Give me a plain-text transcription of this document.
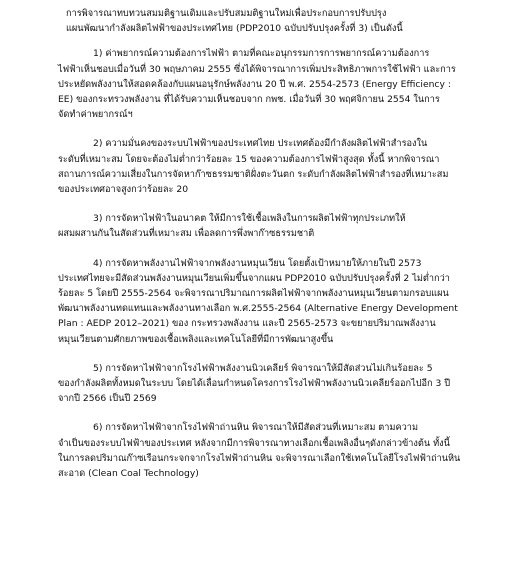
การพิจารณาทบทวนสมมติฐานเดิมและปรับสมมติฐานใหม่เพื่อประกอบการปรับปรุง
แผนพัฒนากำลังผลิตไฟฟ้าของประเทศไทย (PDP2010 ฉบับปรับปรุงครั้งที่ 3) เป็นดังนี้

1) ค่าพยากรณ์ความต้องการไฟฟ้า ตามที่คณะอนุกรรมการการพยากรณ์ความต้องการ
ไฟฟ้าเห็นชอบเมื่อวันที่ 30 พฤษภาคม 2555 ซึ่งได้พิจารณาการเพิ่มประสิทธิภาพการใช้ไฟฟ้า และการ
ประหยัดพลังงานให้สอดคล้องกับแผนอนุรักษ์พลังงาน 20 ปี พ.ศ. 2554-2573 (Energy Efficiency :
EE) ของกระทรวงพลังงาน ที่ได้รับความเห็นชอบจาก กพช. เมื่อวันที่ 30 พฤศจิกายน 2554 ในการ
จัดทำค่าพยากรณ์ฯ

2) ความมั่นคงของระบบไฟฟ้าของประเทศไทย ประเทศต้องมีกำลังผลิตไฟฟ้าสำรองใน
ระดับที่เหมาะสม โดยจะต้องไม่ต่ำกว่าร้อยละ 15 ของความต้องการไฟฟ้าสูงสุด ทั้งนี้ หากพิจารณา
สถานการณ์ความเสี่ยงในการจัดหาก๊าซธรรมชาติฝั่งตะวันตก ระดับกำลังผลิตไฟฟ้าสำรองที่เหมาะสม
ของประเทศอาจสูงกว่าร้อยละ 20

3) การจัดหาไฟฟ้าในอนาคต ให้มีการใช้เชื้อเพลิงในการผลิตไฟฟ้าทุกประเภทให้
ผสมผสานกันในสัดส่วนที่เหมาะสม เพื่อลดการพึ่งพาก๊าซธรรมชาติ

4) การจัดหาพลังงานไฟฟ้าจากพลังงานหมุนเวียน โดยตั้งเป้าหมายให้ภายในปี 2573
ประเทศไทยจะมีสัดส่วนพลังงานหมุนเวียนเพิ่มขึ้นจากแผน PDP2010 ฉบับปรับปรุงครั้งที่ 2 ไม่ต่ำกว่า
ร้อยละ 5 โดยปี 2555-2564 จะพิจารณาปริมาณการผลิตไฟฟ้าจากพลังงานหมุนเวียนตามกรอบแผน
พัฒนาพลังงานทดแทนและพลังงานทางเลือก พ.ศ.2555-2564 (Alternative Energy Development
Plan : AEDP 2012–2021) ของ กระทรวงพลังงาน และปี 2565-2573 จะขยายปริมาณพลังงาน
หมุนเวียนตามศักยภาพของเชื้อเพลิงและเทคโนโลยีที่มีการพัฒนาสูงขึ้น

5) การจัดหาไฟฟ้าจากโรงไฟฟ้าพลังงานนิวเคลียร์ พิจารณาให้มีสัดส่วนไม่เกินร้อยละ 5
ของกำลังผลิตทั้งหมดในระบบ โดยได้เลื่อนกำหนดโครงการโรงไฟฟ้าพลังงานนิวเคลียร์ออกไปอีก 3 ปี
จากปี 2566 เป็นปี 2569

6) การจัดหาไฟฟ้าจากโรงไฟฟ้าถ่านหิน พิจารณาให้มีสัดส่วนที่เหมาะสม ตามความ
จำเป็นของระบบไฟฟ้าของประเทศ หลังจากมีการพิจารณาทางเลือกเชื้อเพลิงอื่นๆดังกล่าวข้างต้น ทั้งนี้
ในการลดปริมาณก๊าซเรือนกระจกจากโรงไฟฟ้าถ่านหิน จะพิจารณาเลือกใช้เทคโนโลยีโรงไฟฟ้าถ่านหิน
สะอาด (Clean Coal Technology)
